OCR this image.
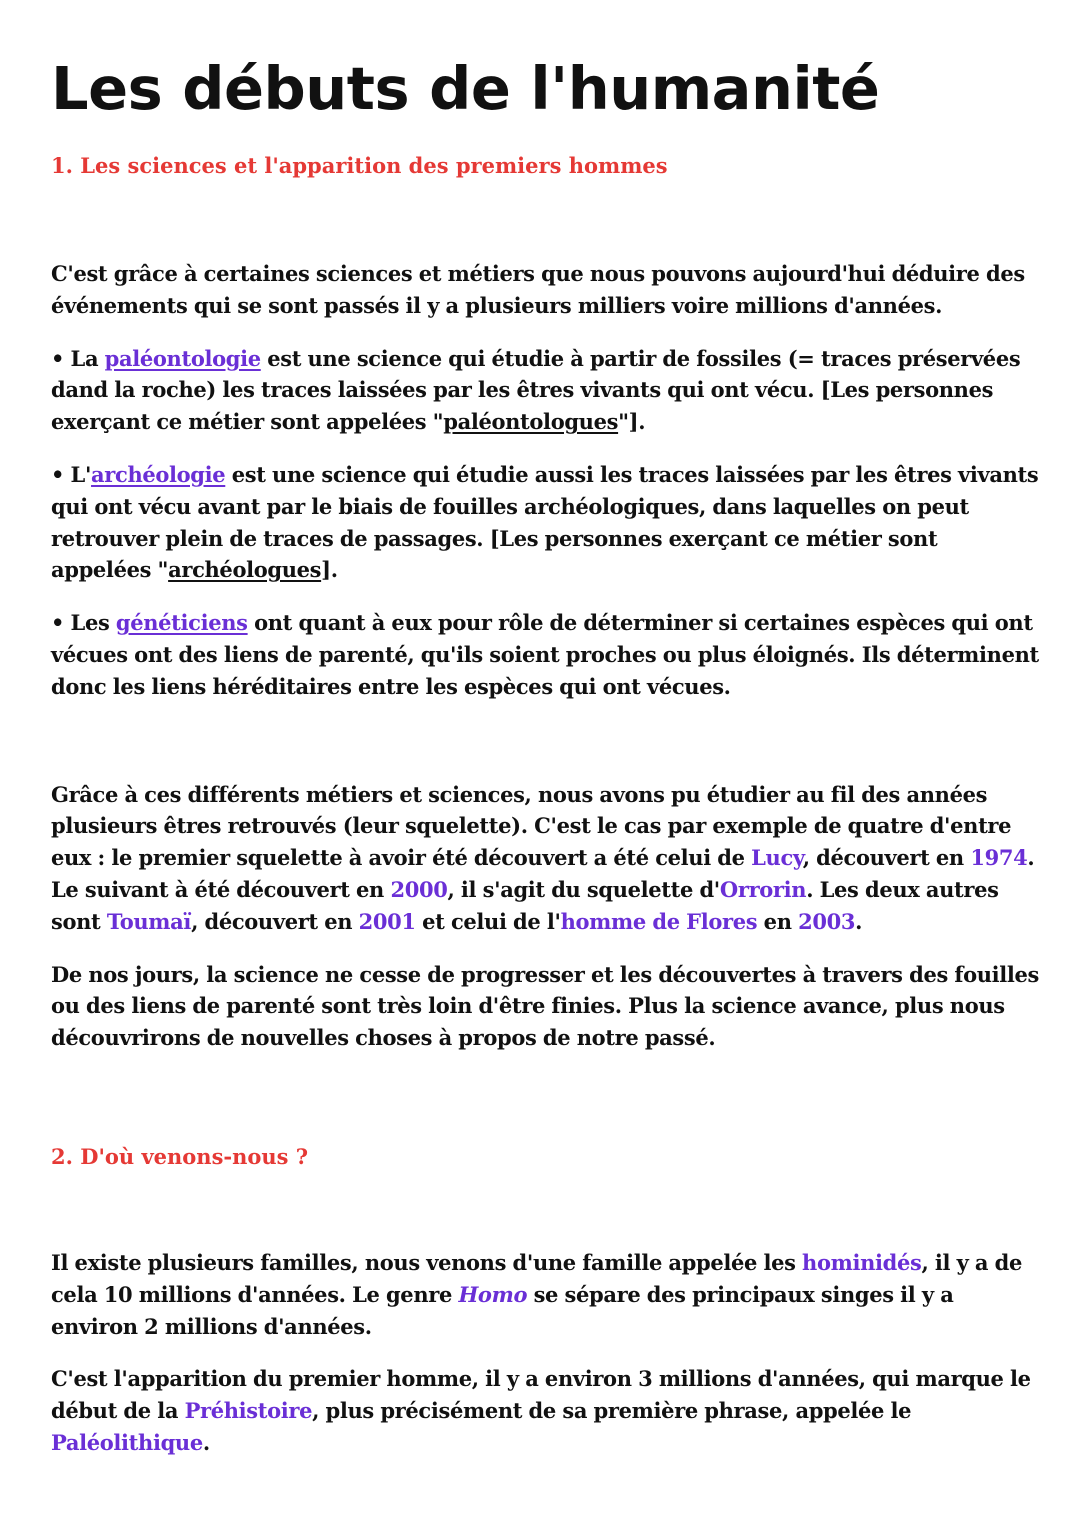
Les débuts de l'humanité
1. Les sciences et l'apparition des premiers hommes

C'est grâce à certaines sciences et métiers que nous pouvons aujourd'hui déduire des événements qui se sont passés il y a plusieurs milliers voire millions d'années.

• La paléontologie est une science qui étudie à partir de fossiles (= traces préservées dand la roche) les traces laissées par les êtres vivants qui ont vécu. [Les personnes exerçant ce métier sont appelées "paléontologues"].

• L'archéologie est une science qui étudie aussi les traces laissées par les êtres vivants qui ont vécu avant par le biais de fouilles archéologiques, dans laquelles on peut retrouver plein de traces de passages. [Les personnes exerçant ce métier sont appelées "archéologues].

• Les généticiens ont quant à eux pour rôle de déterminer si certaines espèces qui ont vécues ont des liens de parenté, qu'ils soient proches ou plus éloignés. Ils déterminent donc les liens héréditaires entre les espèces qui ont vécues.

Grâce à ces différents métiers et sciences, nous avons pu étudier au fil des années plusieurs êtres retrouvés (leur squelette). C'est le cas par exemple de quatre d'entre eux : le premier squelette à avoir été découvert a été celui de Lucy, découvert en 1974. Le suivant à été découvert en 2000, il s'agit du squelette d'Orrorin. Les deux autres sont Toumaï, découvert en 2001 et celui de l'homme de Flores en 2003.

De nos jours, la science ne cesse de progresser et les découvertes à travers des fouilles ou des liens de parenté sont très loin d'être finies. Plus la science avance, plus nous découvrirons de nouvelles choses à propos de notre passé.

2. D'où venons-nous ?

Il existe plusieurs familles, nous venons d'une famille appelée les hominidés, il y a de cela 10 millions d'années. Le genre Homo se sépare des principaux singes il y a environ 2 millions d'années.

C'est l'apparition du premier homme, il y a environ 3 millions d'années, qui marque le début de la Préhistoire, plus précisément de sa première phrase, appelée le Paléolithique.
